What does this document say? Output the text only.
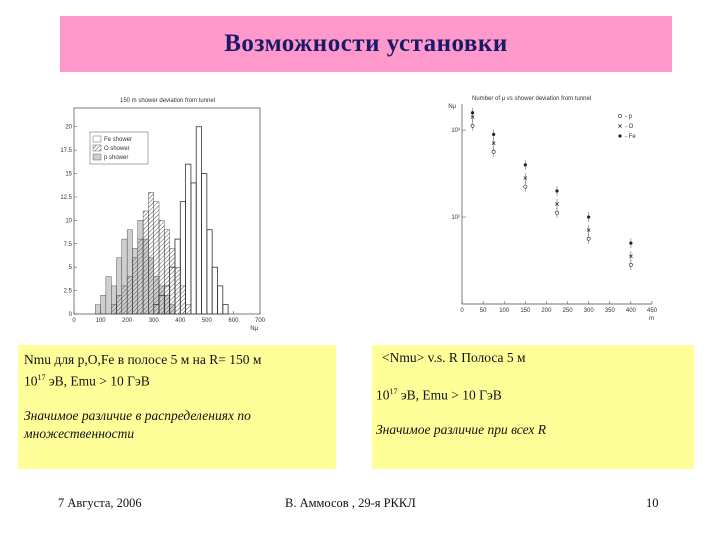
Возможности установки
150 m shower deviation from tunnel
Fe shower
O shower
p shower
0	100	200	300	400	500	600	700
Nμ
0
2.5
5
7.5
10
12.5
15
17.5
20
Number of μ vs shower deviation from tunnel
- p
- O
- Fe
0	50 100 150 200 250 300 350 400 450
m
Nμ
10²
10³

Nmu для p,O,Fe в полосе 5 м на R= 150 м

$10^{17}$ эВ, Emu > 10 ГэВ

Значимое различие в распределениях по множественности

<Nmu> v.s. R Полоса 5 м

$10^{17}$ эВ, Emu > 10 ГэВ

Значимое различие при всех R

7 Августа, 2006	В. Аммосов , 29-я РККЛ	10
